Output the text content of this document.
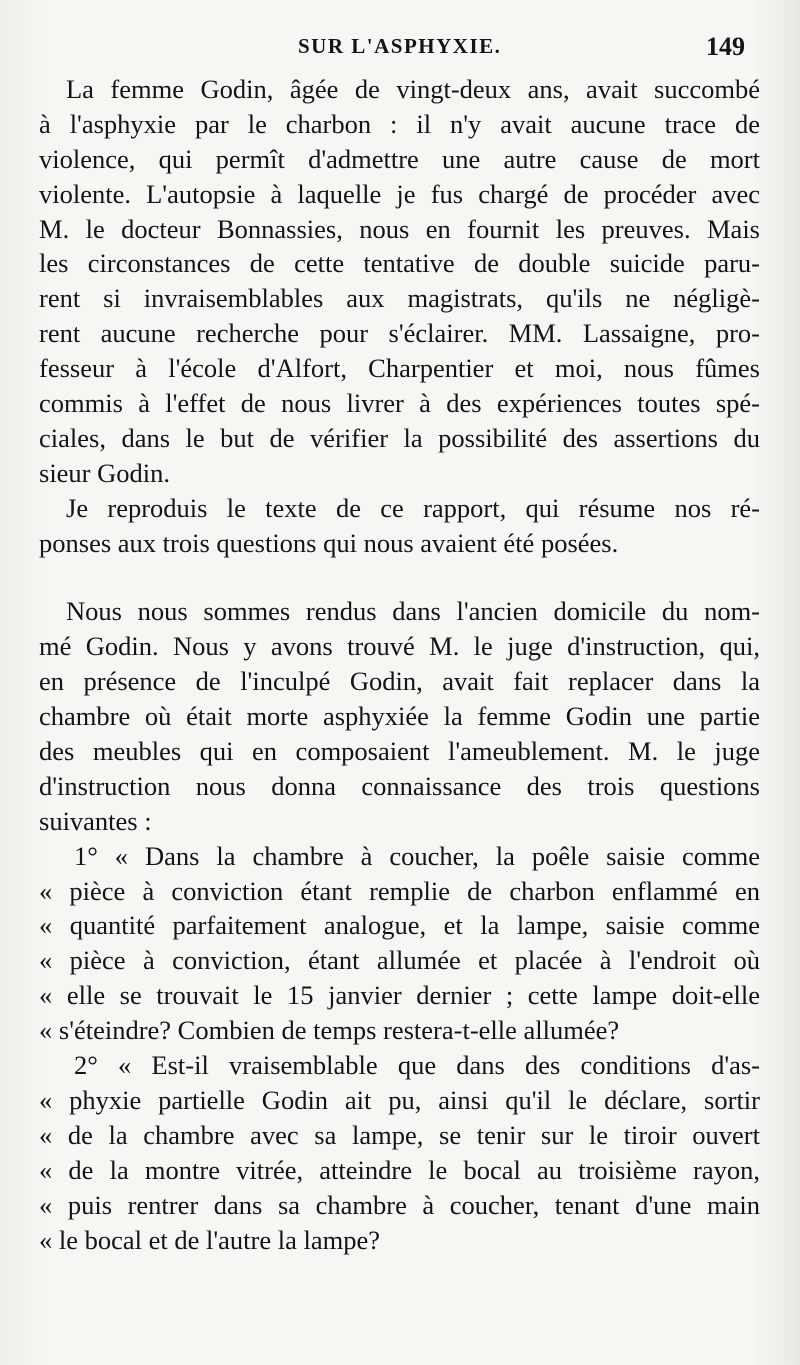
SUR L'ASPHYXIE.	149
La femme Godin, âgée de vingt-deux ans, avait succombé
à l'asphyxie par le charbon : il n'y avait aucune trace de
violence, qui permît d'admettre une autre cause de mort
violente. L'autopsie à laquelle je fus chargé de procéder avec
M. le docteur Bonnassies, nous en fournit les preuves. Mais
les circonstances de cette tentative de double suicide paru-
rent si invraisemblables aux magistrats, qu'ils ne négligè-
rent aucune recherche pour s'éclairer. MM. Lassaigne, pro-
fesseur à l'école d'Alfort, Charpentier et moi, nous fûmes
commis à l'effet de nous livrer à des expériences toutes spé-
ciales, dans le but de vérifier la possibilité des assertions du
sieur Godin.
Je reproduis le texte de ce rapport, qui résume nos ré-
ponses aux trois questions qui nous avaient été posées.
Nous nous sommes rendus dans l'ancien domicile du nom-
mé Godin. Nous y avons trouvé M. le juge d'instruction, qui,
en présence de l'inculpé Godin, avait fait replacer dans la
chambre où était morte asphyxiée la femme Godin une partie
des meubles qui en composaient l'ameublement. M. le juge
d'instruction nous donna connaissance des trois questions
suivantes :
1° « Dans la chambre à coucher, la poêle saisie comme
« pièce à conviction étant remplie de charbon enflammé en
« quantité parfaitement analogue, et la lampe, saisie comme
« pièce à conviction, étant allumée et placée à l'endroit où
« elle se trouvait le 15 janvier dernier ; cette lampe doit-elle
« s'éteindre? Combien de temps restera-t-elle allumée?
2° « Est-il vraisemblable que dans des conditions d'as-
« phyxie partielle Godin ait pu, ainsi qu'il le déclare, sortir
« de la chambre avec sa lampe, se tenir sur le tiroir ouvert
« de la montre vitrée, atteindre le bocal au troisième rayon,
« puis rentrer dans sa chambre à coucher, tenant d'une main
« le bocal et de l'autre la lampe?
